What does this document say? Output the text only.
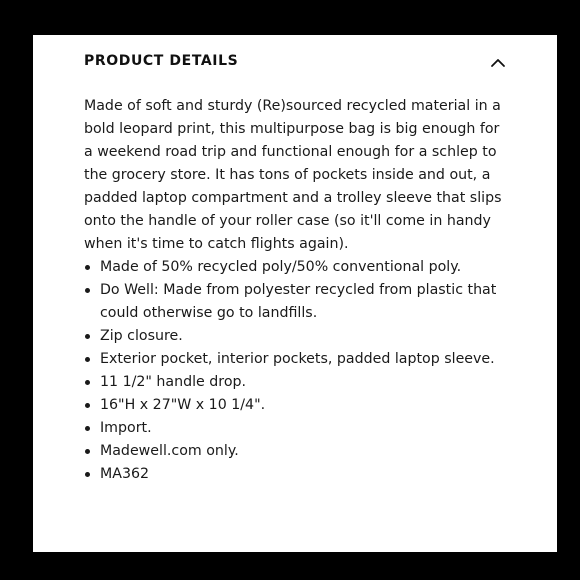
PRODUCT DETAILS

Made of soft and sturdy (Re)sourced recycled material in a bold leopard print, this multipurpose bag is big enough for a weekend road trip and functional enough for a schlep to the grocery store. It has tons of pockets inside and out, a padded laptop compartment and a trolley sleeve that slips onto the handle of your roller case (so it'll come in handy when it's time to catch flights again).

Made of 50% recycled poly/50% conventional poly.
Do Well: Made from polyester recycled from plastic that could otherwise go to landfills.
Zip closure.
Exterior pocket, interior pockets, padded laptop sleeve.
11 1/2" handle drop.
16"H x 27"W x 10 1/4".
Import.
Madewell.com only.
MA362
